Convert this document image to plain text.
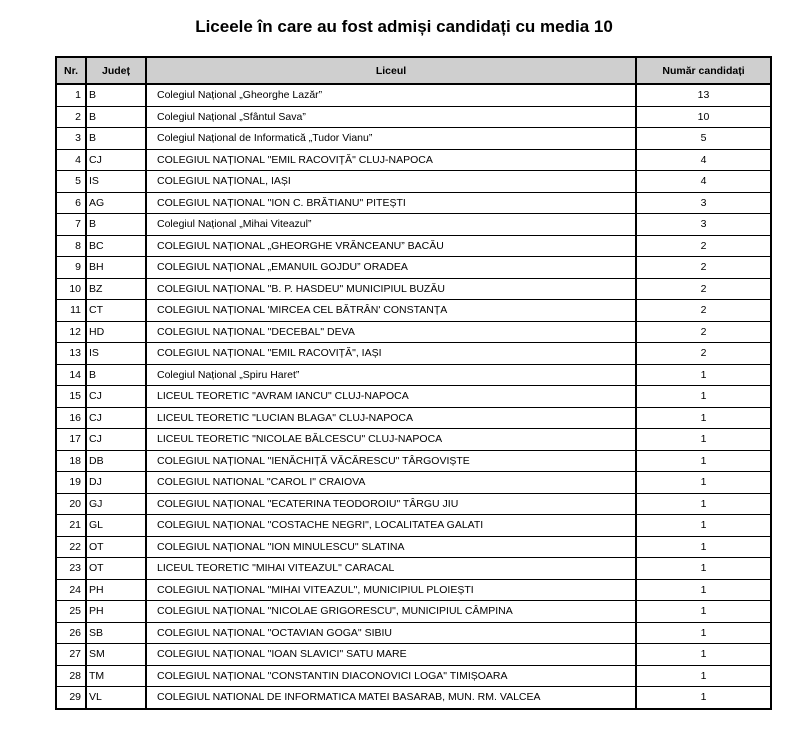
Liceele în care au fost admiși candidați cu media 10
Nr.	Județ	Liceul	Număr candidați
1	B	Colegiul Național „Gheorghe Lazăr”	13
2	B	Colegiul Național „Sfântul Sava”	10
3	B	Colegiul Național de Informatică „Tudor Vianu”	5
4	CJ	COLEGIUL NAȚIONAL "EMIL RACOVIȚĂ" CLUJ-NAPOCA	4
5	IS	COLEGIUL NAȚIONAL, IAȘI	4
6	AG	COLEGIUL NAȚIONAL "ION C. BRĂTIANU" PITEȘTI	3
7	B	Colegiul Național „Mihai Viteazul”	3
8	BC	COLEGIUL NAȚIONAL „GHEORGHE VRĂNCEANU” BACĂU	2
9	BH	COLEGIUL NAȚIONAL „EMANUIL GOJDU” ORADEA	2
10	BZ	COLEGIUL NAȚIONAL "B. P. HASDEU" MUNICIPIUL BUZĂU	2
11	CT	COLEGIUL NAȚIONAL 'MIRCEA CEL BĂTRÂN' CONSTANȚA	2
12	HD	COLEGIUL NAȚIONAL "DECEBAL" DEVA	2
13	IS	COLEGIUL NAȚIONAL "EMIL RACOVIȚĂ", IAȘI	2
14	B	Colegiul Național „Spiru Haret”	1
15	CJ	LICEUL TEORETIC "AVRAM IANCU" CLUJ-NAPOCA	1
16	CJ	LICEUL TEORETIC "LUCIAN BLAGA" CLUJ-NAPOCA	1
17	CJ	LICEUL TEORETIC "NICOLAE BĂLCESCU" CLUJ-NAPOCA	1
18	DB	COLEGIUL NAȚIONAL "IENĂCHIȚĂ VĂCĂRESCU" TÂRGOVIȘTE	1
19	DJ	COLEGIUL NATIONAL "CAROL I" CRAIOVA	1
20	GJ	COLEGIUL NAȚIONAL "ECATERINA TEODOROIU" TÂRGU JIU	1
21	GL	COLEGIUL NAȚIONAL "COSTACHE NEGRI", LOCALITATEA GALATI	1
22	OT	COLEGIUL NAȚIONAL "ION MINULESCU" SLATINA	1
23	OT	LICEUL TEORETIC "MIHAI VITEAZUL" CARACAL	1
24	PH	COLEGIUL NAȚIONAL "MIHAI VITEAZUL", MUNICIPIUL PLOIEȘTI	1
25	PH	COLEGIUL NAȚIONAL "NICOLAE GRIGORESCU", MUNICIPIUL CÂMPINA	1
26	SB	COLEGIUL NAȚIONAL "OCTAVIAN GOGA" SIBIU	1
27	SM	COLEGIUL NAȚIONAL "IOAN SLAVICI" SATU MARE	1
28	TM	COLEGIUL NAȚIONAL "CONSTANTIN DIACONOVICI LOGA" TIMIȘOARA	1
29	VL	COLEGIUL NATIONAL DE INFORMATICA MATEI BASARAB, MUN. RM. VALCEA	1
